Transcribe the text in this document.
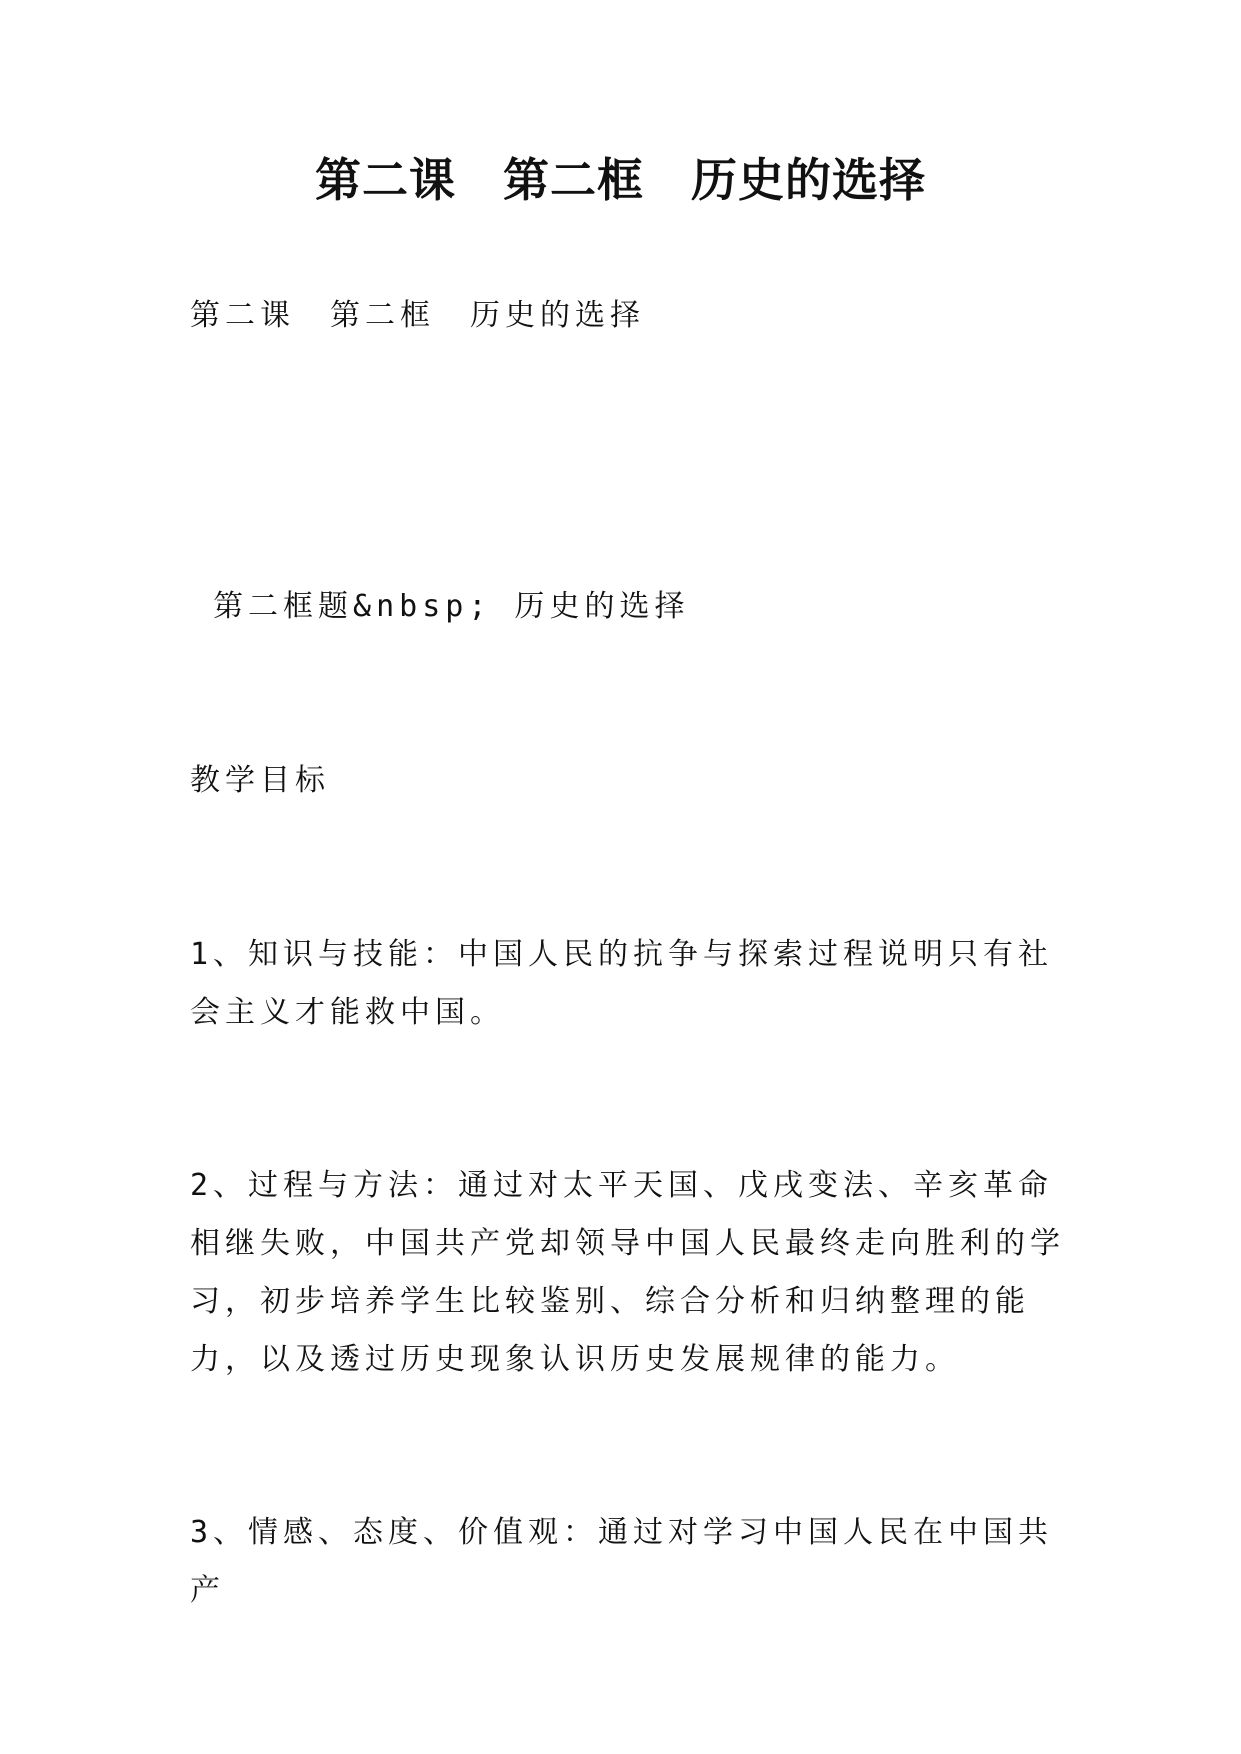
第二课　第二框　历史的选择

第二课　第二框　历史的选择

第二框题&nbsp; 历史的选择

教学目标

1、知识与技能：中国人民的抗争与探索过程说明只有社会主义才能救中国。

2、过程与方法：通过对太平天国、戊戌变法、辛亥革命相继失败，中国共产党却领导中国人民最终走向胜利的学习，初步培养学生比较鉴别、综合分析和归纳整理的能力，以及透过历史现象认识历史发展规律的能力。

3、情感、态度、价值观：通过对学习中国人民在中国共产
